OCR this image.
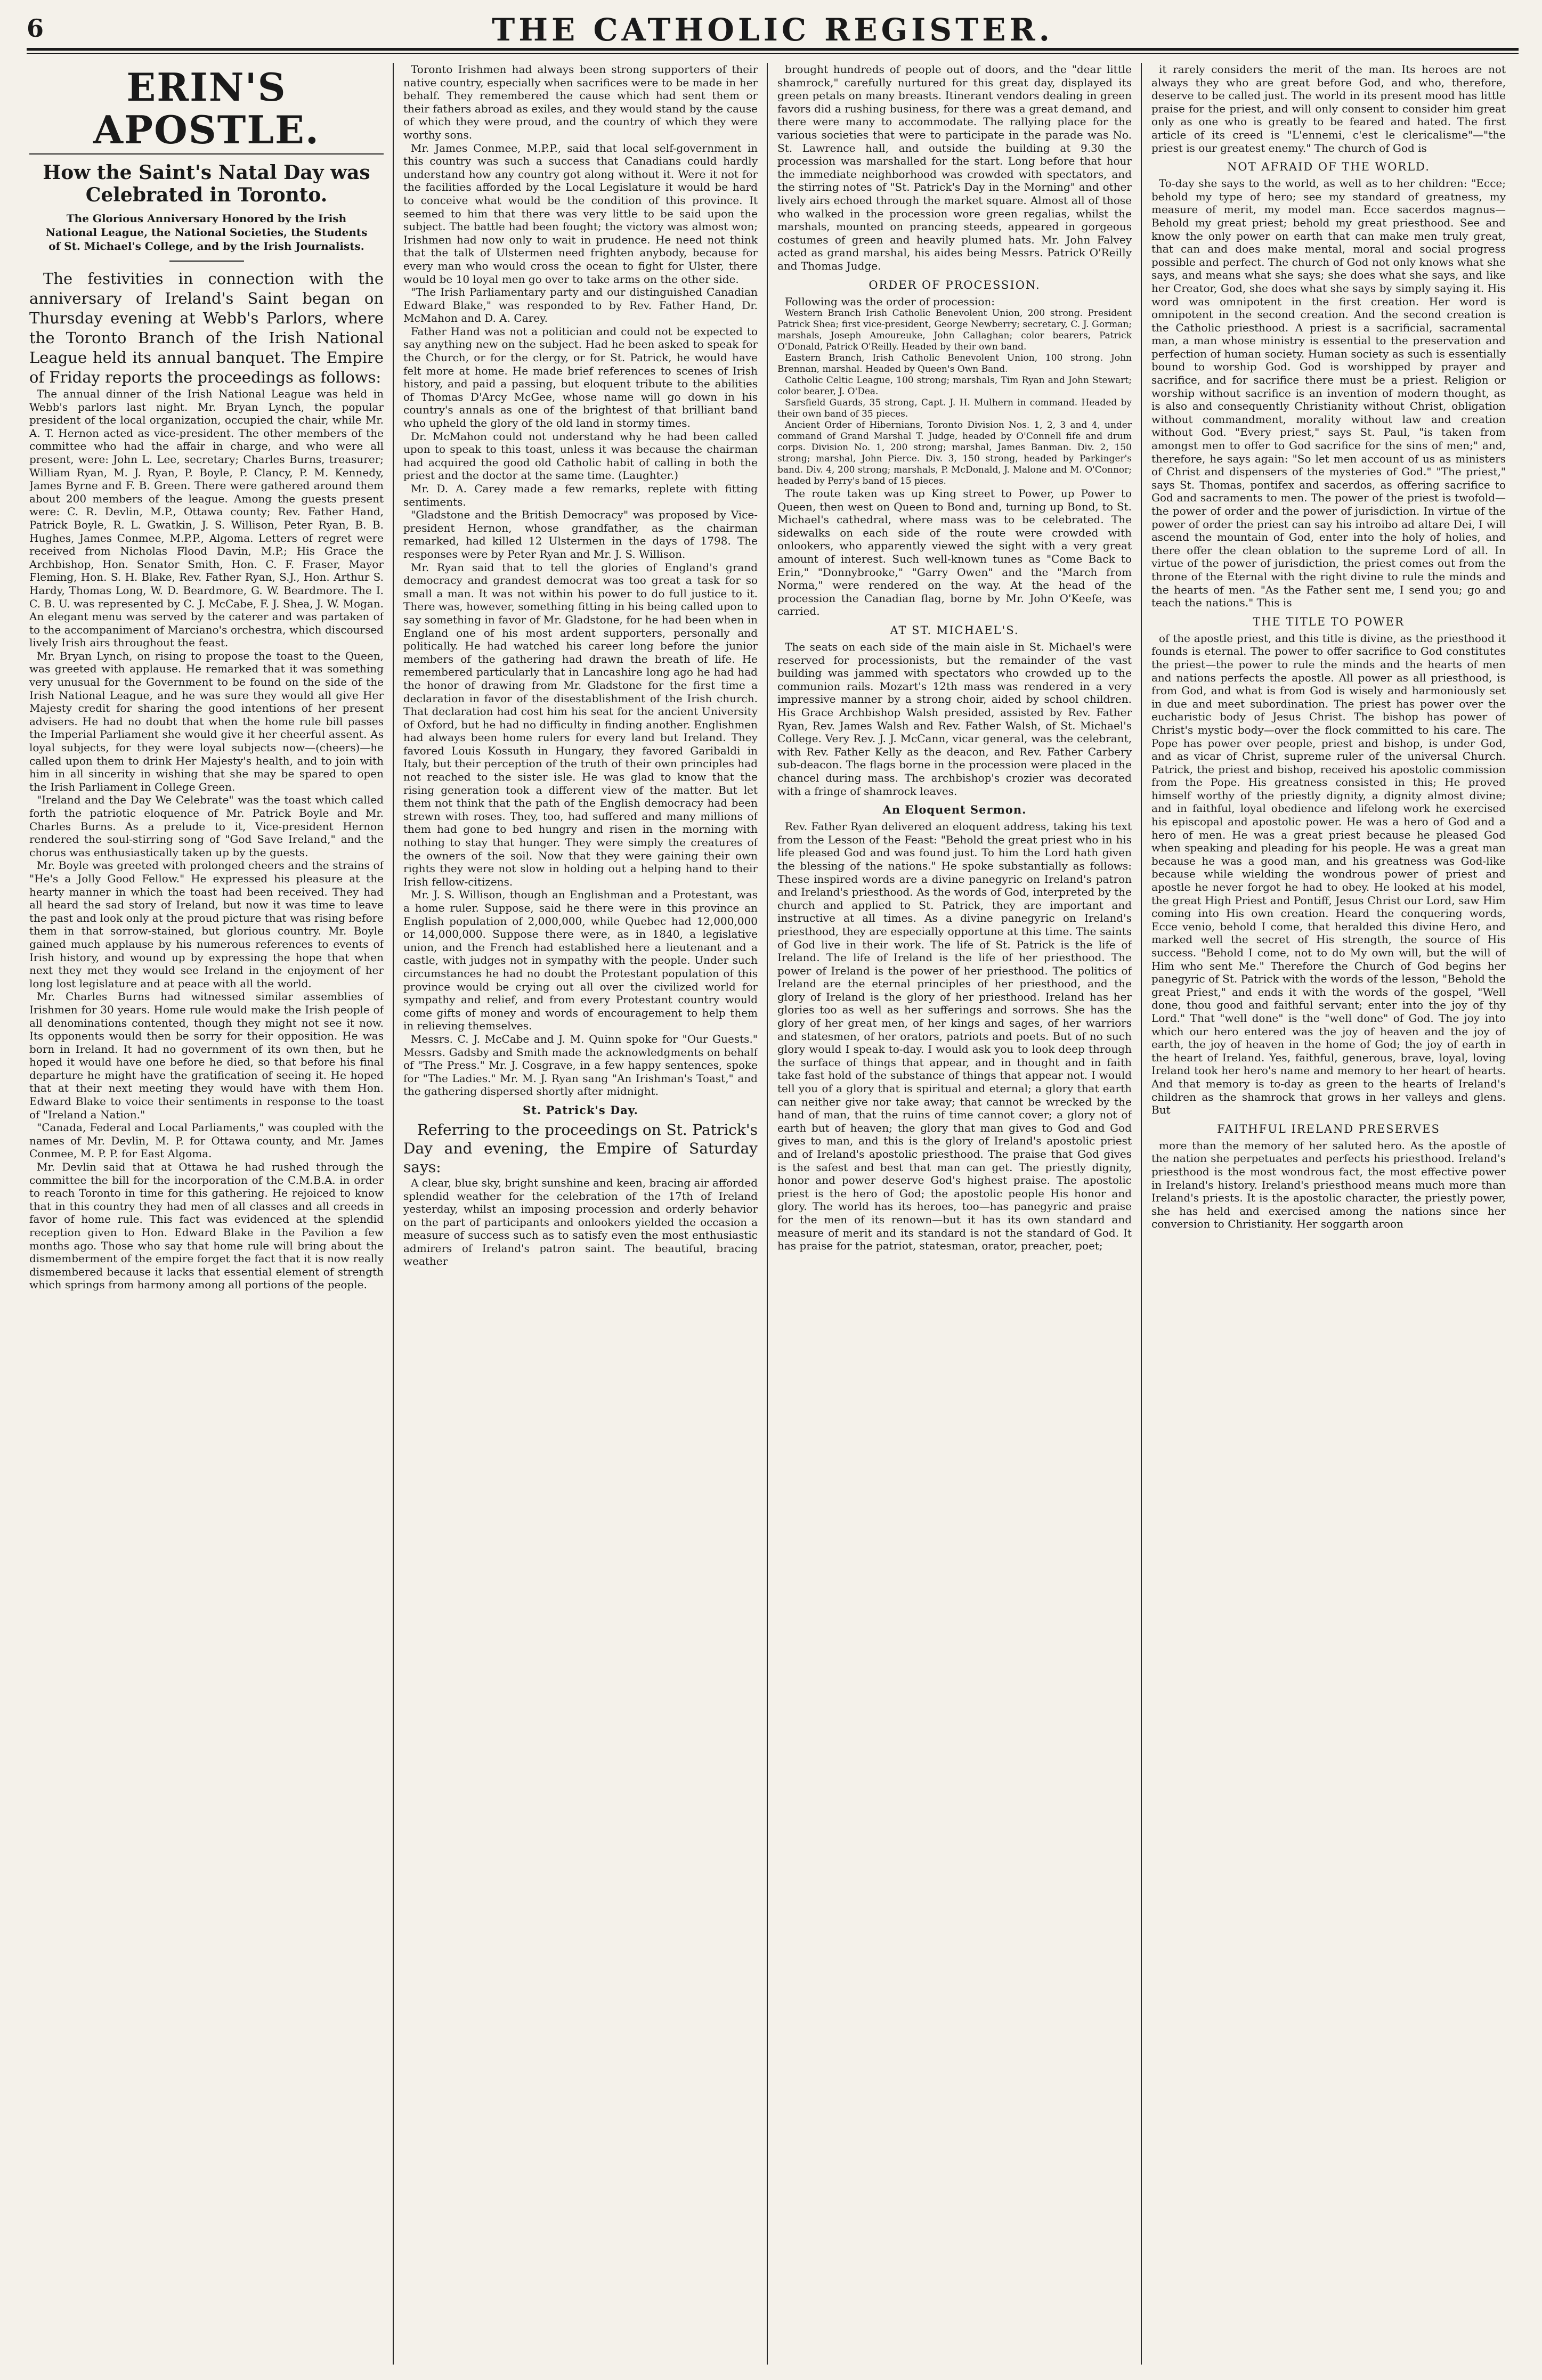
6	THE CATHOLIC REGISTER.
ERIN'S APOSTLE.
How the Saint's Natal Day was Celebrated in Toronto.
The Glorious Anniversary Honored by the Irish National League, the National Societies, the Students of St. Michael's College, and by the Irish Journalists.

The festivities in connection with the anniversary of Ireland's Saint began on Thursday evening at Webb's Parlors, where the Toronto Branch of the Irish National League held its annual banquet. The Empire of Friday reports the proceedings as follows:

The annual dinner of the Irish National League was held in Webb's parlors last night. Mr. Bryan Lynch, the popular president of the local organization, occupied the chair, while Mr. A. T. Hernon acted as vice-president. The other members of the committee who had the affair in charge, and who were all present, were: John L. Lee, secretary; Charles Burns, treasurer; William Ryan, M. J. Ryan, P. Boyle, P. Clancy, P. M. Kennedy, James Byrne and F. B. Green. There were gathered around them about 200 members of the league. Among the guests present were: C. R. Devlin, M.P., Ottawa county; Rev. Father Hand, Patrick Boyle, R. L. Gwatkin, J. S. Willison, Peter Ryan, B. B. Hughes, James Conmee, M.P.P., Algoma. Letters of regret were received from Nicholas Flood Davin, M.P.; His Grace the Archbishop, Hon. Senator Smith, Hon. C. F. Fraser, Mayor Fleming, Hon. S. H. Blake, Rev. Father Ryan, S.J., Hon. Arthur S. Hardy, Thomas Long, W. D. Beardmore, G. W. Beardmore. The I. C. B. U. was represented by C. J. McCabe, F. J. Shea, J. W. Mogan. An elegant menu was served by the caterer and was partaken of to the accompaniment of Marciano's orchestra, which discoursed lively Irish airs throughout the feast.

Mr. Bryan Lynch, on rising to propose the toast to the Queen, was greeted with applause. He remarked that it was something very unusual for the Government to be found on the side of the Irish National League, and he was sure they would all give Her Majesty credit for sharing the good intentions of her present advisers. He had no doubt that when the home rule bill passes the Imperial Parliament she would give it her cheerful assent. As loyal subjects, for they were loyal subjects now—(cheers)—he called upon them to drink Her Majesty's health, and to join with him in all sincerity in wishing that she may be spared to open the Irish Parliament in College Green.

"Ireland and the Day We Celebrate" was the toast which called forth the patriotic eloquence of Mr. Patrick Boyle and Mr. Charles Burns. As a prelude to it, Vice-president Hernon rendered the soul-stirring song of "God Save Ireland," and the chorus was enthusiastically taken up by the guests.

Mr. Boyle was greeted with prolonged cheers and the strains of "He's a Jolly Good Fellow." He expressed his pleasure at the hearty manner in which the toast had been received. They had all heard the sad story of Ireland, but now it was time to leave the past and look only at the proud picture that was rising before them in that sorrow-stained, but glorious country. Mr. Boyle gained much applause by his numerous references to events of Irish history, and wound up by expressing the hope that when next they met they would see Ireland in the enjoyment of her long lost legislature and at peace with all the world.

Mr. Charles Burns had witnessed similar assemblies of Irishmen for 30 years. Home rule would make the Irish people of all denominations contented, though they might not see it now. Its opponents would then be sorry for their opposition. He was born in Ireland. It had no government of its own then, but he hoped it would have one before he died, so that before his final departure he might have the gratification of seeing it. He hoped that at their next meeting they would have with them Hon. Edward Blake to voice their sentiments in response to the toast of "Ireland a Nation."

"Canada, Federal and Local Parliaments," was coupled with the names of Mr. Devlin, M. P. for Ottawa county, and Mr. James Conmee, M. P. P. for East Algoma.

Mr. Devlin said that at Ottawa he had rushed through the committee the bill for the incorporation of the C.M.B.A. in order to reach Toronto in time for this gathering. He rejoiced to know that in this country they had men of all classes and all creeds in favor of home rule. This fact was evidenced at the splendid reception given to Hon. Edward Blake in the Pavilion a few months ago. Those who say that home rule will bring about the dismemberment of the empire forget the fact that it is now really dismembered because it lacks that essential element of strength which springs from harmony among all portions of the people.

Toronto Irishmen had always been strong supporters of their native country, especially when sacrifices were to be made in her behalf. They remembered the cause which had sent them or their fathers abroad as exiles, and they would stand by the cause of which they were proud, and the country of which they were worthy sons.

Mr. James Conmee, M.P.P., said that local self-government in this country was such a success that Canadians could hardly understand how any country got along without it. Were it not for the facilities afforded by the Local Legislature it would be hard to conceive what would be the condition of this province. It seemed to him that there was very little to be said upon the subject. The battle had been fought; the victory was almost won; Irishmen had now only to wait in prudence. He need not think that the talk of Ulstermen need frighten anybody, because for every man who would cross the ocean to fight for Ulster, there would be 10 loyal men go over to take arms on the other side.

"The Irish Parliamentary party and our distinguished Canadian Edward Blake," was responded to by Rev. Father Hand, Dr. McMahon and D. A. Carey.

Father Hand was not a politician and could not be expected to say anything new on the subject. Had he been asked to speak for the Church, or for the clergy, or for St. Patrick, he would have felt more at home. He made brief references to scenes of Irish history, and paid a passing, but eloquent tribute to the abilities of Thomas D'Arcy McGee, whose name will go down in his country's annals as one of the brightest of that brilliant band who upheld the glory of the old land in stormy times.

Dr. McMahon could not understand why he had been called upon to speak to this toast, unless it was because the chairman had acquired the good old Catholic habit of calling in both the priest and the doctor at the same time. (Laughter.)

Mr. D. A. Carey made a few remarks, replete with fitting sentiments.

"Gladstone and the British Democracy" was proposed by Vice-president Hernon, whose grandfather, as the chairman remarked, had killed 12 Ulstermen in the days of 1798. The responses were by Peter Ryan and Mr. J. S. Willison.

Mr. Ryan said that to tell the glories of England's grand democracy and grandest democrat was too great a task for so small a man. It was not within his power to do full justice to it. There was, however, something fitting in his being called upon to say something in favor of Mr. Gladstone, for he had been when in England one of his most ardent supporters, personally and politically. He had watched his career long before the junior members of the gathering had drawn the breath of life. He remembered particularly that in Lancashire long ago he had had the honor of drawing from Mr. Gladstone for the first time a declaration in favor of the disestablishment of the Irish church. That declaration had cost him his seat for the ancient University of Oxford, but he had no difficulty in finding another. Englishmen had always been home rulers for every land but Ireland. They favored Louis Kossuth in Hungary, they favored Garibaldi in Italy, but their perception of the truth of their own principles had not reached to the sister isle. He was glad to know that the rising generation took a different view of the matter. But let them not think that the path of the English democracy had been strewn with roses. They, too, had suffered and many millions of them had gone to bed hungry and risen in the morning with nothing to stay that hunger. They were simply the creatures of the owners of the soil. Now that they were gaining their own rights they were not slow in holding out a helping hand to their Irish fellow-citizens.

Mr. J. S. Willison, though an Englishman and a Protestant, was a home ruler. Suppose, said he there were in this province an English population of 2,000,000, while Quebec had 12,000,000 or 14,000,000. Suppose there were, as in 1840, a legislative union, and the French had established here a lieutenant and a castle, with judges not in sympathy with the people. Under such circumstances he had no doubt the Protestant population of this province would be crying out all over the civilized world for sympathy and relief, and from every Protestant country would come gifts of money and words of encouragement to help them in relieving themselves.

Messrs. C. J. McCabe and J. M. Quinn spoke for "Our Guests." Messrs. Gadsby and Smith made the acknowledgments on behalf of "The Press." Mr. J. Cosgrave, in a few happy sentences, spoke for "The Ladies." Mr. M. J. Ryan sang "An Irishman's Toast," and the gathering dispersed shortly after midnight.

St. Patrick's Day.

Referring to the proceedings on St. Patrick's Day and evening, the Empire of Saturday says:

A clear, blue sky, bright sunshine and keen, bracing air afforded splendid weather for the celebration of the 17th of Ireland yesterday, whilst an imposing procession and orderly behavior on the part of participants and onlookers yielded the occasion a measure of success such as to satisfy even the most enthusiastic admirers of Ireland's patron saint. The beautiful, bracing weather

brought hundreds of people out of doors, and the "dear little shamrock," carefully nurtured for this great day, displayed its green petals on many breasts. Itinerant vendors dealing in green favors did a rushing business, for there was a great demand, and there were many to accommodate. The rallying place for the various societies that were to participate in the parade was No. St. Lawrence hall, and outside the building at 9.30 the procession was marshalled for the start. Long before that hour the immediate neighborhood was crowded with spectators, and the stirring notes of "St. Patrick's Day in the Morning" and other lively airs echoed through the market square. Almost all of those who walked in the procession wore green regalias, whilst the marshals, mounted on prancing steeds, appeared in gorgeous costumes of green and heavily plumed hats. Mr. John Falvey acted as grand marshal, his aides being Messrs. Patrick O'Reilly and Thomas Judge.

ORDER OF PROCESSION.

Following was the order of procession:

Western Branch Irish Catholic Benevolent Union, 200 strong. President Patrick Shea; first vice-president, George Newberry; secretary, C. J. Gorman; marshals, Joseph Amoureuke, John Callaghan; color bearers, Patrick O'Donald, Patrick O'Reilly. Headed by their own band.

Eastern Branch, Irish Catholic Benevolent Union, 100 strong. John Brennan, marshal. Headed by Queen's Own Band.

Catholic Celtic League, 100 strong; marshals, Tim Ryan and John Stewart; color bearer, J. O'Dea.

Sarsfield Guards, 35 strong, Capt. J. H. Mulhern in command. Headed by their own band of 35 pieces.

Ancient Order of Hibernians, Toronto Division Nos. 1, 2, 3 and 4, under command of Grand Marshal T. Judge, headed by O'Connell fife and drum corps. Division No. 1, 200 strong; marshal, James Banman. Div. 2, 150 strong; marshal, John Pierce. Div. 3, 150 strong, headed by Parkinger's band. Div. 4, 200 strong; marshals, P. McDonald, J. Malone and M. O'Connor; headed by Perry's band of 15 pieces.

The route taken was up King street to Power, up Power to Queen, then west on Queen to Bond and, turning up Bond, to St. Michael's cathedral, where mass was to be celebrated. The sidewalks on each side of the route were crowded with onlookers, who apparently viewed the sight with a very great amount of interest. Such well-known tunes as "Come Back to Erin," "Donnybrooke," "Garry Owen" and the "March from Norma," were rendered on the way. At the head of the procession the Canadian flag, borne by Mr. John O'Keefe, was carried.

AT ST. MICHAEL'S.

The seats on each side of the main aisle in St. Michael's were reserved for processionists, but the remainder of the vast building was jammed with spectators who crowded up to the communion rails. Mozart's 12th mass was rendered in a very impressive manner by a strong choir, aided by school children. His Grace Archbishop Walsh presided, assisted by Rev. Father Ryan, Rev. James Walsh and Rev. Father Walsh, of St. Michael's College. Very Rev. J. J. McCann, vicar general, was the celebrant, with Rev. Father Kelly as the deacon, and Rev. Father Carbery sub-deacon. The flags borne in the procession were placed in the chancel during mass. The archbishop's crozier was decorated with a fringe of shamrock leaves.

An Eloquent Sermon.

Rev. Father Ryan delivered an eloquent address, taking his text from the Lesson of the Feast: "Behold the great priest who in his life pleased God and was found just. To him the Lord hath given the blessing of the nations." He spoke substantially as follows: These inspired words are a divine panegyric on Ireland's patron and Ireland's priesthood. As the words of God, interpreted by the church and applied to St. Patrick, they are important and instructive at all times. As a divine panegyric on Ireland's priesthood, they are especially opportune at this time. The saints of God live in their work. The life of St. Patrick is the life of Ireland. The life of Ireland is the life of her priesthood. The power of Ireland is the power of her priesthood. The politics of Ireland are the eternal principles of her priesthood, and the glory of Ireland is the glory of her priesthood. Ireland has her glories too as well as her sufferings and sorrows. She has the glory of her great men, of her kings and sages, of her warriors and statesmen, of her orators, patriots and poets. But of no such glory would I speak to-day. I would ask you to look deep through the surface of things that appear, and in thought and in faith take fast hold of the substance of things that appear not. I would tell you of a glory that is spiritual and eternal; a glory that earth can neither give nor take away; that cannot be wrecked by the hand of man, that the ruins of time cannot cover; a glory not of earth but of heaven; the glory that man gives to God and God gives to man, and this is the glory of Ireland's apostolic priest and of Ireland's apostolic priesthood. The praise that God gives is the safest and best that man can get. The priestly dignity, honor and power deserve God's highest praise. The apostolic priest is the hero of God; the apostolic people His honor and glory. The world has its heroes, too—has panegyric and praise for the men of its renown—but it has its own standard and measure of merit and its standard is not the standard of God. It has praise for the patriot, statesman, orator, preacher, poet;

it rarely considers the merit of the man. Its heroes are not always they who are great before God, and who, therefore, deserve to be called just. The world in its present mood has little praise for the priest, and will only consent to consider him great only as one who is greatly to be feared and hated. The first article of its creed is "L'ennemi, c'est le clericalisme"—"the priest is our greatest enemy." The church of God is

NOT AFRAID OF THE WORLD.

To-day she says to the world, as well as to her children: "Ecce; behold my type of hero; see my standard of greatness, my measure of merit, my model man. Ecce sacerdos magnus—Behold my great priest; behold my great priesthood. See and know the only power on earth that can make men truly great, that can and does make mental, moral and social progress possible and perfect. The church of God not only knows what she says, and means what she says; she does what she says, and like her Creator, God, she does what she says by simply saying it. His word was omnipotent in the first creation. Her word is omnipotent in the second creation. And the second creation is the Catholic priesthood. A priest is a sacrificial, sacramental man, a man whose ministry is essential to the preservation and perfection of human society. Human society as such is essentially bound to worship God. God is worshipped by prayer and sacrifice, and for sacrifice there must be a priest. Religion or worship without sacrifice is an invention of modern thought, as is also and consequently Christianity without Christ, obligation without commandment, morality without law and creation without God. "Every priest," says St. Paul, "is taken from amongst men to offer to God sacrifice for the sins of men;" and, therefore, he says again: "So let men account of us as ministers of Christ and dispensers of the mysteries of God." "The priest," says St. Thomas, pontifex and sacerdos, as offering sacrifice to God and sacraments to men. The power of the priest is twofold—the power of order and the power of jurisdiction. In virtue of the power of order the priest can say his introibo ad altare Dei, I will ascend the mountain of God, enter into the holy of holies, and there offer the clean oblation to the supreme Lord of all. In virtue of the power of jurisdiction, the priest comes out from the throne of the Eternal with the right divine to rule the minds and the hearts of men. "As the Father sent me, I send you; go and teach the nations." This is

THE TITLE TO POWER

of the apostle priest, and this title is divine, as the priesthood it founds is eternal. The power to offer sacrifice to God constitutes the priest—the power to rule the minds and the hearts of men and nations perfects the apostle. All power as all priesthood, is from God, and what is from God is wisely and harmoniously set in due and meet subordination. The priest has power over the eucharistic body of Jesus Christ. The bishop has power of Christ's mystic body—over the flock committed to his care. The Pope has power over people, priest and bishop, is under God, and as vicar of Christ, supreme ruler of the universal Church. Patrick, the priest and bishop, received his apostolic commission from the Pope. His greatness consisted in this; He proved himself worthy of the priestly dignity, a dignity almost divine; and in faithful, loyal obedience and lifelong work he exercised his episcopal and apostolic power. He was a hero of God and a hero of men. He was a great priest because he pleased God when speaking and pleading for his people. He was a great man because he was a good man, and his greatness was God-like because while wielding the wondrous power of priest and apostle he never forgot he had to obey. He looked at his model, the great High Priest and Pontiff, Jesus Christ our Lord, saw Him coming into His own creation. Heard the conquering words, Ecce venio, behold I come, that heralded this divine Hero, and marked well the secret of His strength, the source of His success. "Behold I come, not to do My own will, but the will of Him who sent Me." Therefore the Church of God begins her panegyric of St. Patrick with the words of the lesson, "Behold the great Priest," and ends it with the words of the gospel, "Well done, thou good and faithful servant; enter into the joy of thy Lord." That "well done" is the "well done" of God. The joy into which our hero entered was the joy of heaven and the joy of earth, the joy of heaven in the home of God; the joy of earth in the heart of Ireland. Yes, faithful, generous, brave, loyal, loving Ireland took her hero's name and memory to her heart of hearts. And that memory is to-day as green to the hearts of Ireland's children as the shamrock that grows in her valleys and glens. But

FAITHFUL IRELAND PRESERVES

more than the memory of her saluted hero. As the apostle of the nation she perpetuates and perfects his priesthood. Ireland's priesthood is the most wondrous fact, the most effective power in Ireland's history. Ireland's priesthood means much more than Ireland's priests. It is the apostolic character, the priestly power, she has held and exercised among the nations since her conversion to Christianity. Her soggarth aroon
